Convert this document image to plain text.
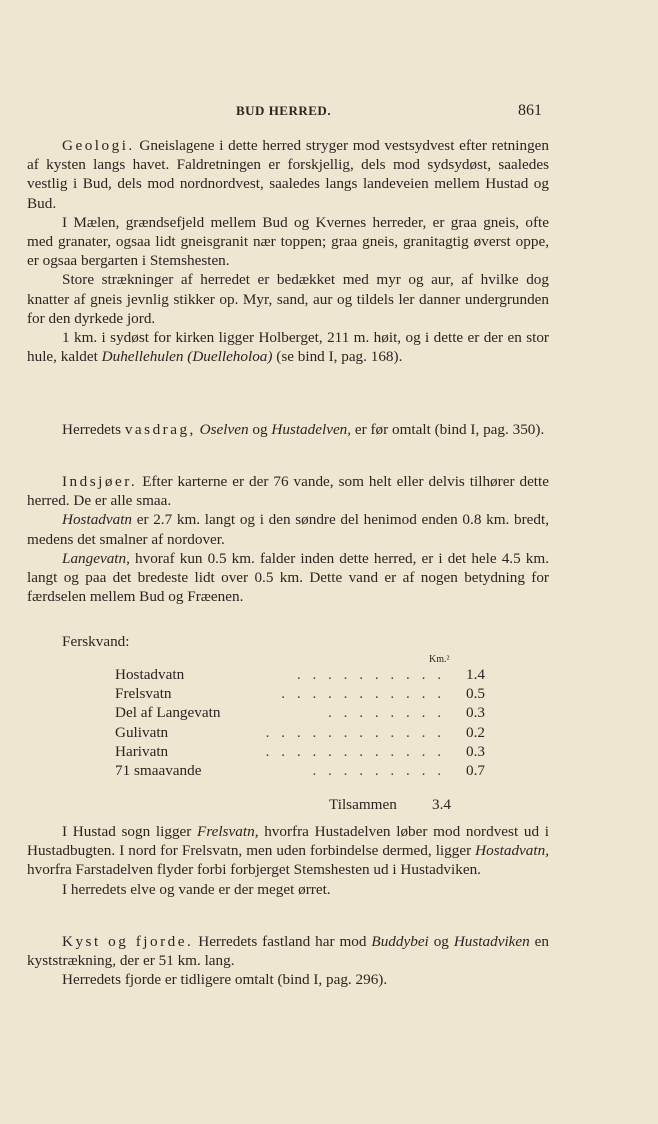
BUD HERRED.	861

Geologi. Gneislagene i dette herred stryger mod vestsydvest efter retningen af kysten langs havet. Faldretningen er forskjellig, dels mod sydsydøst, saaledes vestlig i Bud, dels mod nordnordvest, saaledes langs landeveien mellem Hustad og Bud.

I Mælen, grændsefjeld mellem Bud og Kvernes herreder, er graa gneis, ofte med granater, ogsaa lidt gneisgranit nær toppen; graa gneis, granitagtig øverst oppe, er ogsaa bergarten i Stemshesten.

Store strækninger af herredet er bedækket med myr og aur, af hvilke dog knatter af gneis jevnlig stikker op. Myr, sand, aur og tildels ler danner undergrunden for den dyrkede jord.

1 km. i sydøst for kirken ligger Holberget, 211 m. høit, og i dette er der en stor hule, kaldet Duhellehulen (Duelleholoa) (se bind I, pag. 168).

Herredets vasdrag, Oselven og Hustadelven, er før omtalt (bind I, pag. 350).

Indsjøer. Efter karterne er der 76 vande, som helt eller delvis tilhører dette herred. De er alle smaa.

Hostadvatn er 2.7 km. langt og i den søndre del henimod enden 0.8 km. bredt, medens det smalner af nordover.

Langevatn, hvoraf kun 0.5 km. falder inden dette herred, er i det hele 4.5 km. langt og paa det bredeste lidt over 0.5 km. Dette vand er af nogen betydning for færdselen mellem Bud og Fræenen.

Ferskvand:

Km.²
Hostadvatn	. . . . . . . . . . 1.4
Frelsvatn	. . . . . . . . . . . 0.5
Del af Langevatn	. . . . . . . . 0.3
Gulivatn	. . . . . . . . . . . . 0.2
Harivatn	. . . . . . . . . . . . 0.3
71 smaavande	. . . . . . . . . 0.7
Tilsammen 3.4

I Hustad sogn ligger Frelsvatn, hvorfra Hustadelven løber mod nordvest ud i Hustadbugten. I nord for Frelsvatn, men uden forbindelse dermed, ligger Hostadvatn, hvorfra Farstadelven flyder forbi forbjerget Stemshesten ud i Hustadviken.

I herredets elve og vande er der meget ørret.

Kyst og fjorde. Herredets fastland har mod Buddybei og Hustadviken en kyststrækning, der er 51 km. lang.

Herredets fjorde er tidligere omtalt (bind I, pag. 296).
